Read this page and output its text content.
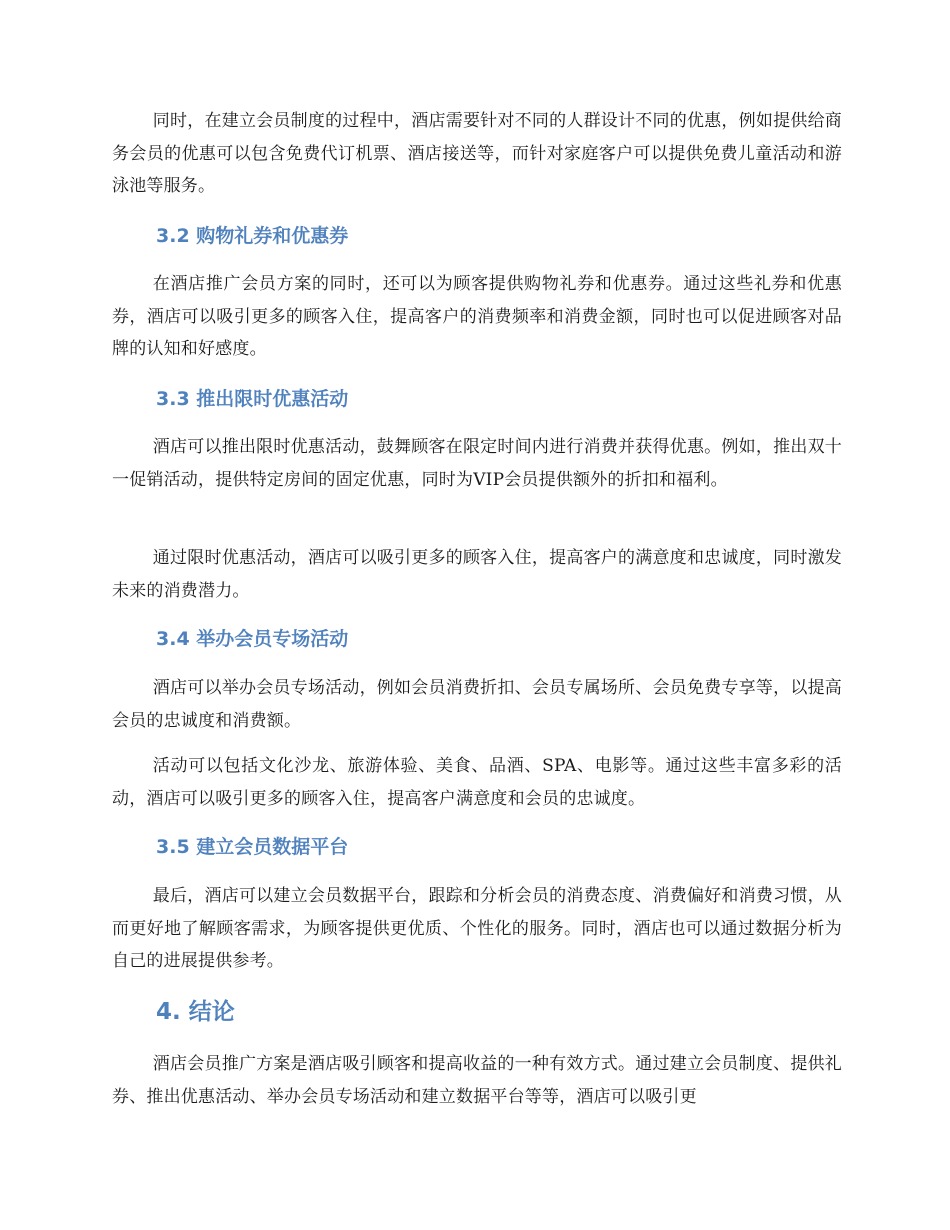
同时，在建立会员制度的过程中，酒店需要针对不同的人群设计不同的优惠，例如提供给商务会员的优惠可以包含免费代订机票、酒店接送等，而针对家庭客户可以提供免费儿童活动和游泳池等服务。

3.2 购物礼券和优惠券

在酒店推广会员方案的同时，还可以为顾客提供购物礼券和优惠券。通过这些礼券和优惠券，酒店可以吸引更多的顾客入住，提高客户的消费频率和消费金额，同时也可以促进顾客对品牌的认知和好感度。

3.3 推出限时优惠活动

酒店可以推出限时优惠活动，鼓舞顾客在限定时间内进行消费并获得优惠。例如，推出双十一促销活动，提供特定房间的固定优惠，同时为VIP会员提供额外的折扣和福利。

通过限时优惠活动，酒店可以吸引更多的顾客入住，提高客户的满意度和忠诚度，同时激发未来的消费潜力。

3.4 举办会员专场活动

酒店可以举办会员专场活动，例如会员消费折扣、会员专属场所、会员免费专享等，以提高会员的忠诚度和消费额。

活动可以包括文化沙龙、旅游体验、美食、品酒、SPA、电影等。通过这些丰富多彩的活动，酒店可以吸引更多的顾客入住，提高客户满意度和会员的忠诚度。

3.5 建立会员数据平台

最后，酒店可以建立会员数据平台，跟踪和分析会员的消费态度、消费偏好和消费习惯，从而更好地了解顾客需求，为顾客提供更优质、个性化的服务。同时，酒店也可以通过数据分析为自己的进展提供参考。

4. 结论

酒店会员推广方案是酒店吸引顾客和提高收益的一种有效方式。通过建立会员制度、提供礼券、推出优惠活动、举办会员专场活动和建立数据平台等等，酒店可以吸引更
